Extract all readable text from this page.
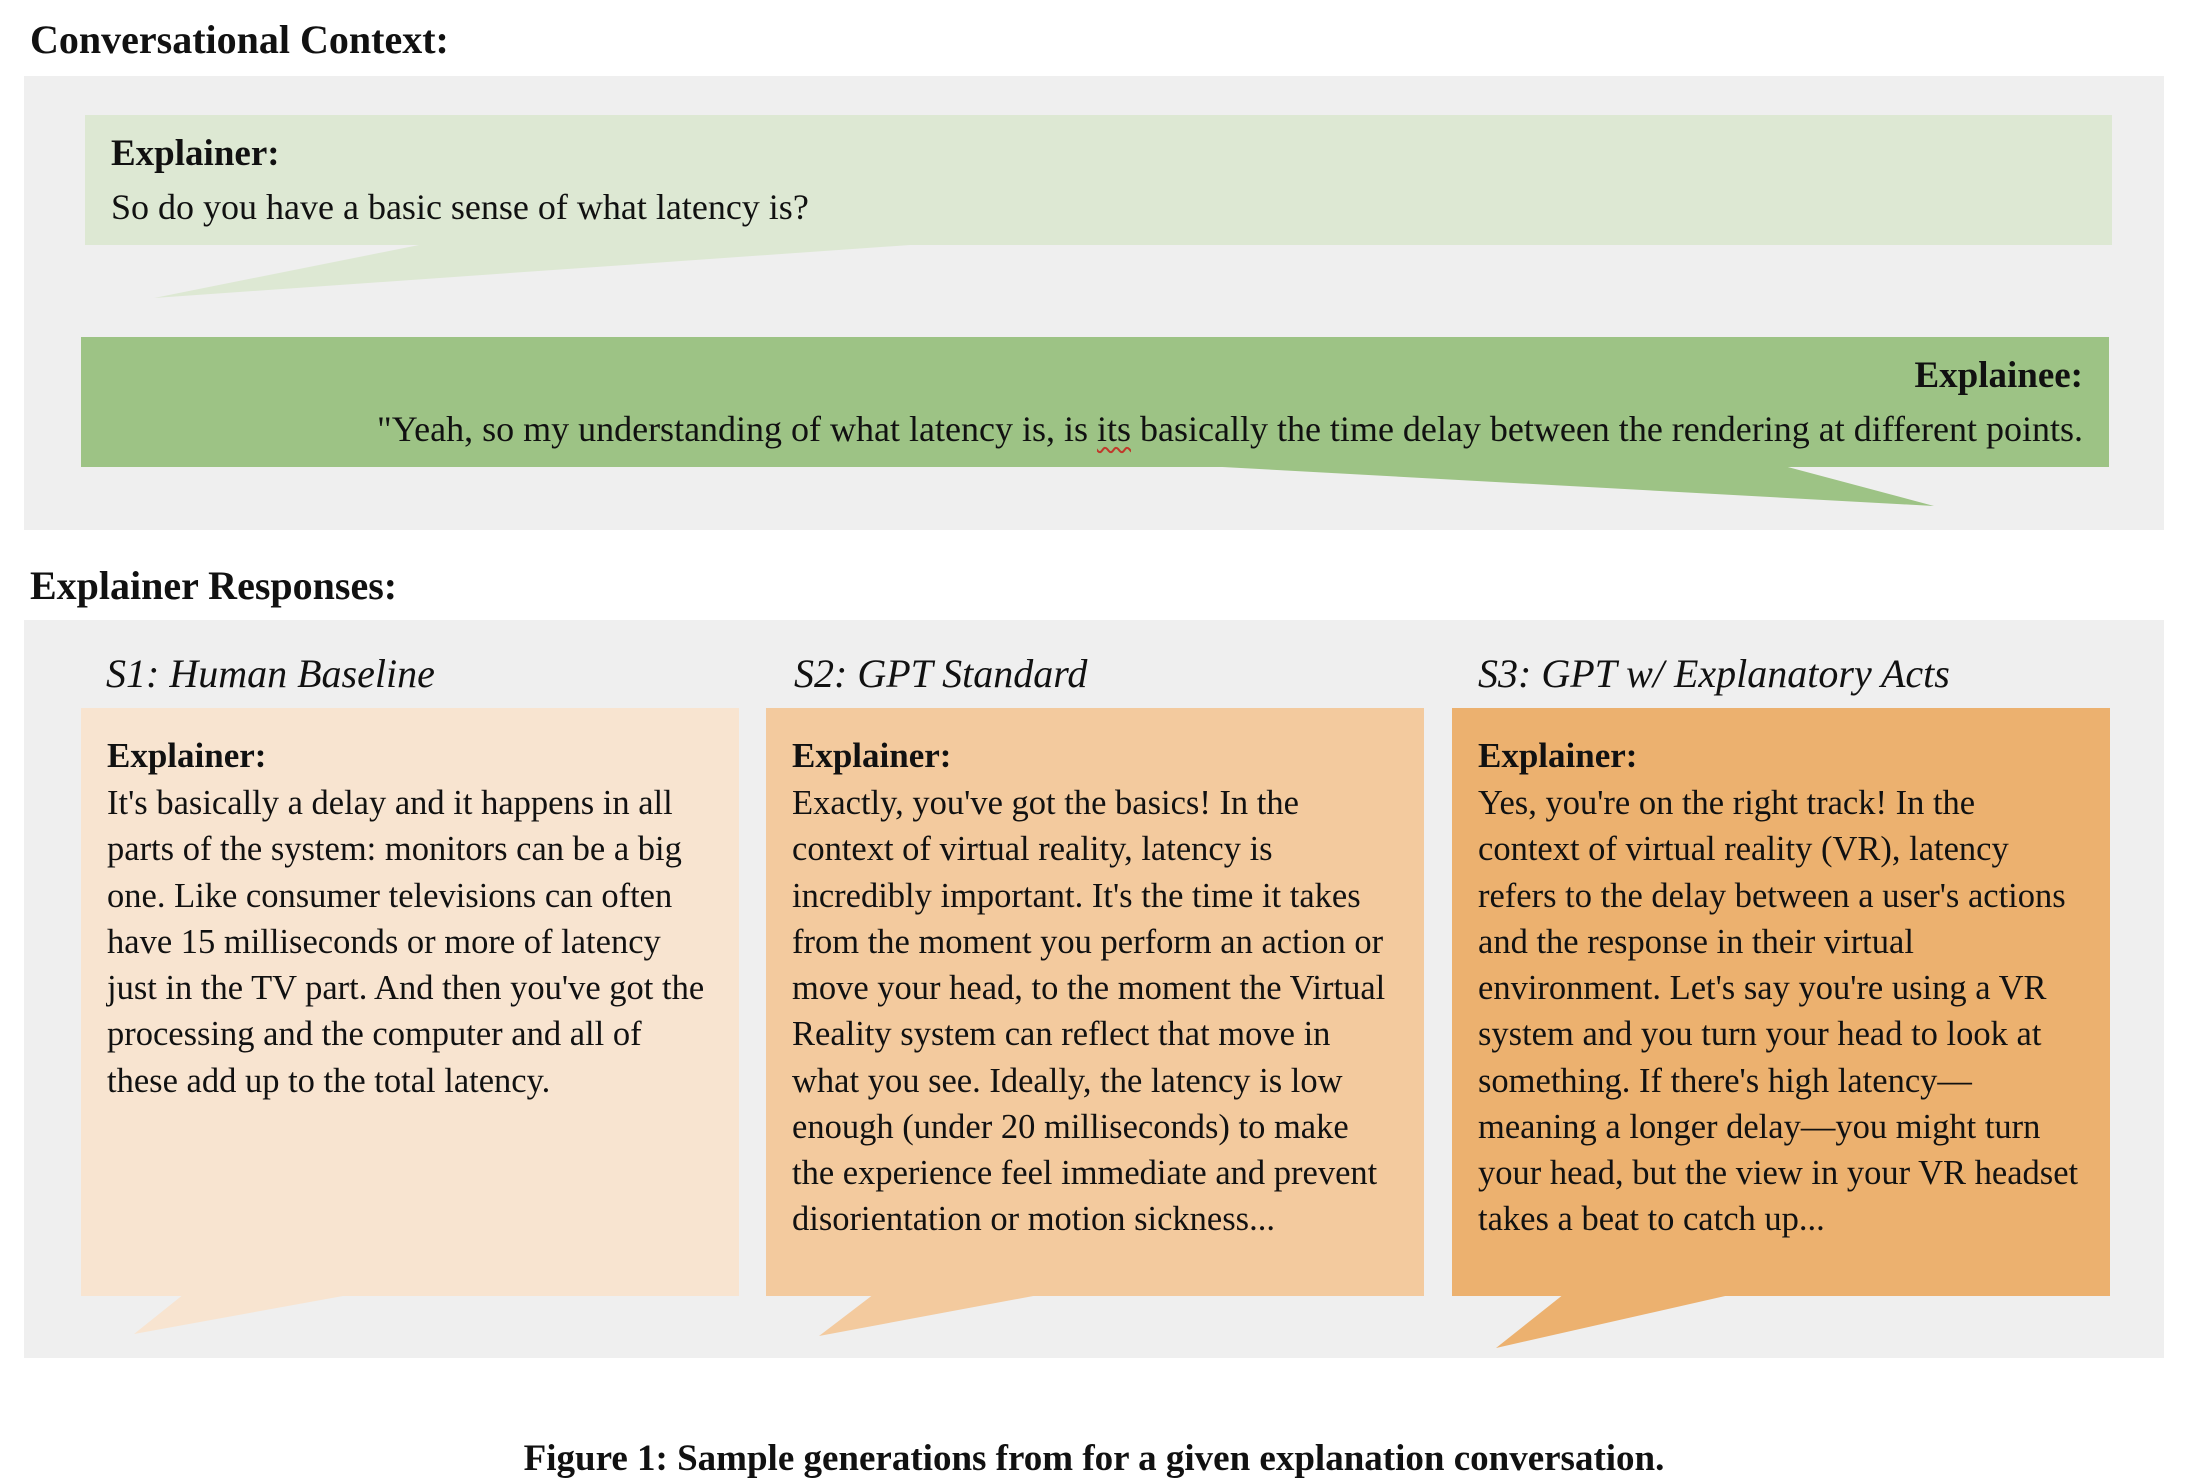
Conversational Context:
Explainer:
So do you have a basic sense of what latency is?
Explainee:
"Yeah, so my understanding of what latency is, is its basically the time delay between the rendering at different points.
Explainer Responses:
S1: Human Baseline
Explainer:
It's basically a delay and it happens in all parts of the system: monitors can be a big one. Like consumer televisions can often have 15 milliseconds or more of latency just in the TV part. And then you've got the processing and the computer and all of these add up to the total latency.
S2: GPT Standard
Explainer:
Exactly, you've got the basics! In the context of virtual reality, latency is incredibly important. It's the time it takes from the moment you perform an action or move your head, to the moment the Virtual Reality system can reflect that move in what you see. Ideally, the latency is low enough (under 20 milliseconds) to make the experience feel immediate and prevent disorientation or motion sickness...
S3: GPT w/ Explanatory Acts
Explainer:
Yes, you're on the right track! In the context of virtual reality (VR), latency refers to the delay between a user's actions and the response in their virtual environment. Let's say you're using a VR system and you turn your head to look at something. If there's high latency—meaning a longer delay—you might turn your head, but the view in your VR headset takes a beat to catch up...
Figure 1: Sample generations from for a given explanation conversation.
